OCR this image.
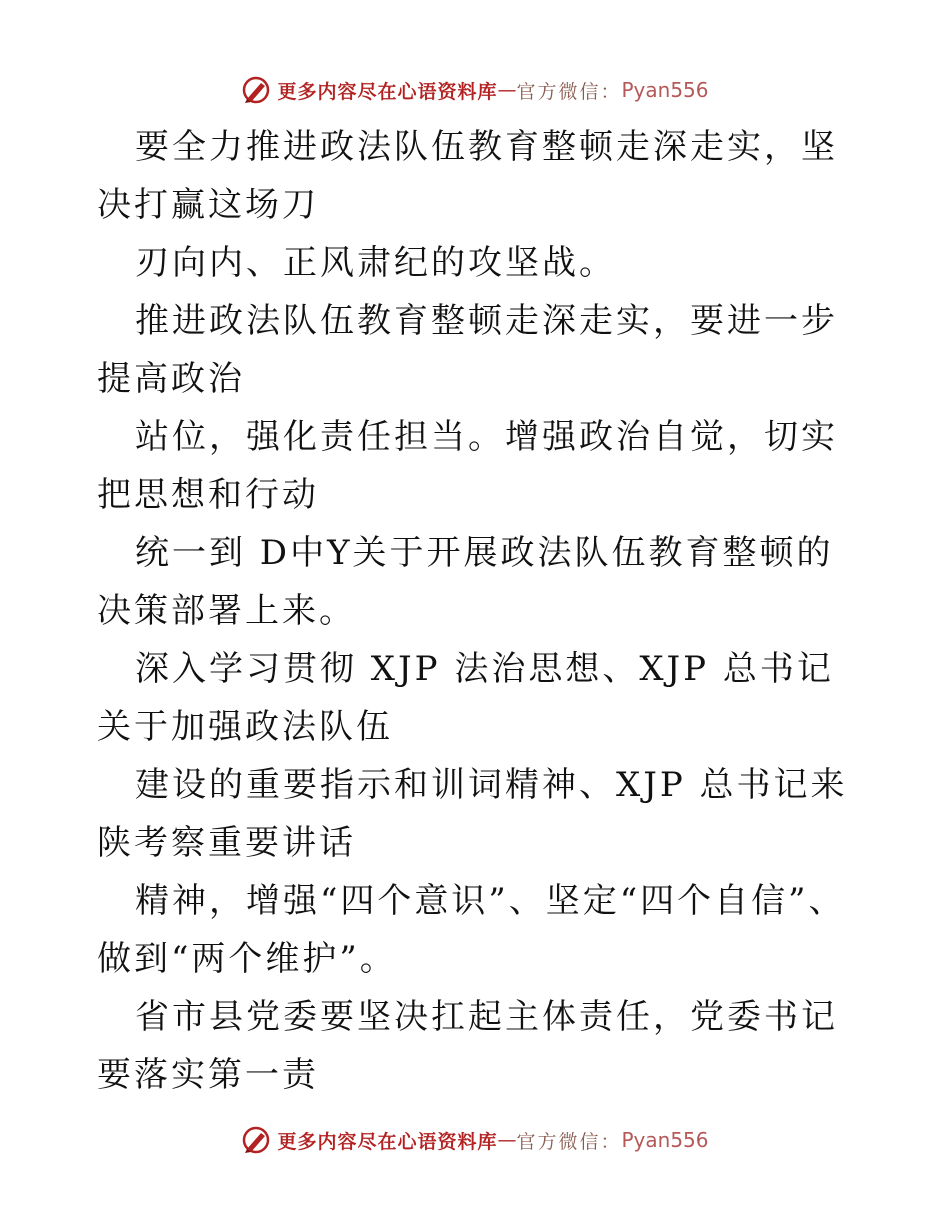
更多内容尽在心语资料库 — 官方微信： Pyan556

要全力推进政法队伍教育整顿走深走实，坚决打赢这场刀

刃向内、正风肃纪的攻坚战。

推进政法队伍教育整顿走深走实，要进一步提高政治

站位，强化责任担当。增强政治自觉，切实把思想和行动

统一到 D中Y关于开展政法队伍教育整顿的决策部署上来。

深入学习贯彻 XJP 法治思想、XJP 总书记关于加强政法队伍

建设的重要指示和训词精神、XJP 总书记来陕考察重要讲话

精神，增强“四个意识”、坚定“四个自信”、做到“两个维护”。

省市县党委要坚决扛起主体责任，党委书记要落实第一责

更多内容尽在心语资料库 — 官方微信： Pyan556
